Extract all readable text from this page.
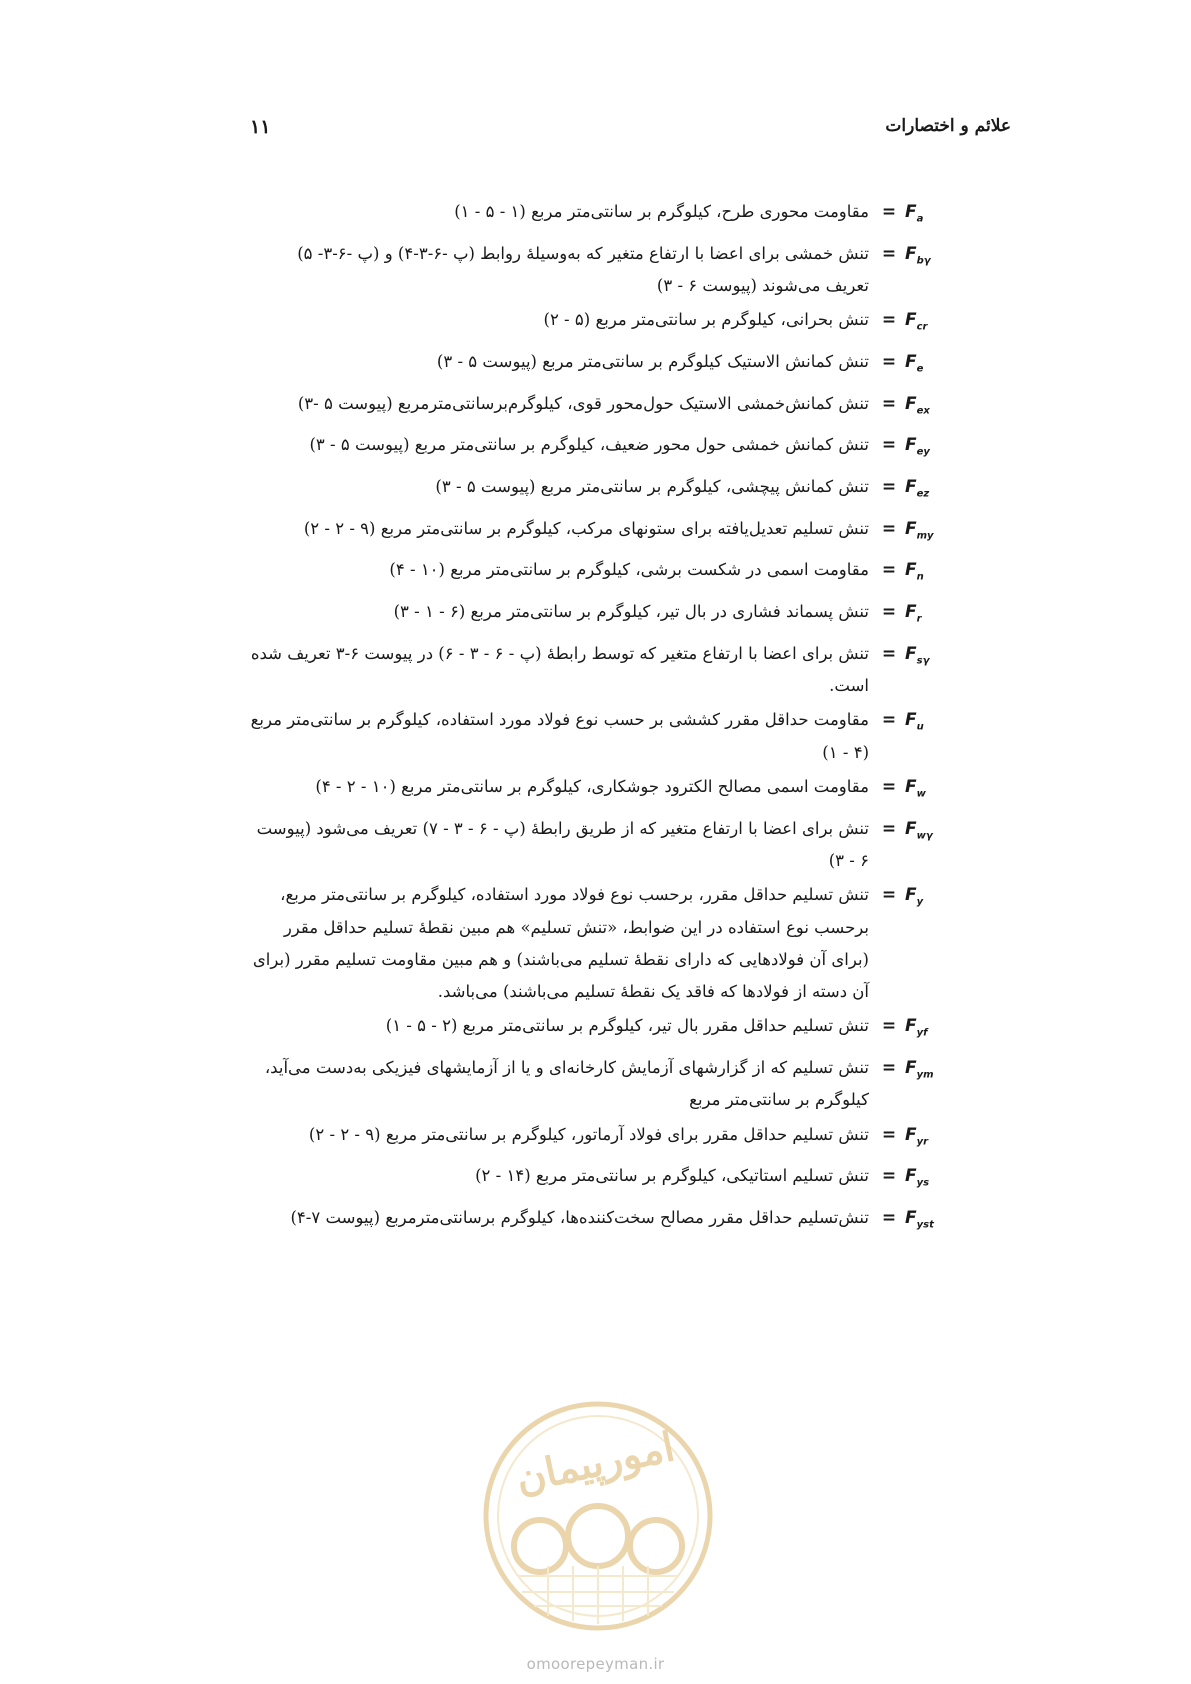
۱۱	علائم و اختصارات
مقاومت محوری طرح، کیلوگرم بر سانتی‌متر مربع (۱ - ۵ - ۱) = $F_a$
تنش خمشی برای اعضا با ارتفاع متغیر که به‌وسیلهٔ روابط (پ -۶-۳-۴) و (پ -۶-۳- ۵) تعریف می‌شوند (پیوست ۶ - ۳)
= $F_{b\gamma}$
تنش بحرانی، کیلوگرم بر سانتی‌متر مربع (۵ - ۲) = $F_{cr}$
تنش کمانش الاستیک کیلوگرم بر سانتی‌متر مربع (پیوست ۵ - ۳) = $F_e$
تنش کمانش‌خمشی الاستیک حول‌محور قوی، کیلوگرم‌برسانتی‌مترمربع (پیوست ۵ -۳) = $F_{ex}$
تنش کمانش خمشی حول محور ضعیف، کیلوگرم بر سانتی‌متر مربع (پیوست ۵ - ۳) = $F_{ey}$
تنش کمانش پیچشی، کیلوگرم بر سانتی‌متر مربع (پیوست ۵ - ۳) = $F_{ez}$
تنش تسلیم تعدیل‌یافته برای ستونهای مرکب، کیلوگرم بر سانتی‌متر مربع (۹ - ۲ - ۲) = $F_{my}$
مقاومت اسمی در شکست برشی، کیلوگرم بر سانتی‌متر مربع (۱۰ - ۴) = $F_n$
تنش پسماند فشاری در بال تیر، کیلوگرم بر سانتی‌متر مربع (۶ - ۱ - ۳) = $F_r$
تنش برای اعضا با ارتفاع متغیر که توسط رابطهٔ (پ - ۶ - ۳ - ۶) در پیوست ۶-۳ تعریف شده است.
= $F_{s\gamma}$
مقاومت حداقل مقرر کششی بر حسب نوع فولاد مورد استفاده، کیلوگرم بر سانتی‌متر مربع (۴ - ۱)
= $F_u$
مقاومت اسمی مصالح الکترود جوشکاری، کیلوگرم بر سانتی‌متر مربع (۱۰ - ۲ - ۴) = $F_w$
تنش برای اعضا با ارتفاع متغیر که از طریق رابطهٔ (پ - ۶ - ۳ - ۷) تعریف می‌شود (پیوست ۶ - ۳)
= $F_{w\gamma}$
تنش تسلیم حداقل مقرر، برحسب نوع فولاد مورد استفاده، کیلوگرم بر سانتی‌متر مربع، برحسب نوع استفاده در این ضوابط، «تنش تسلیم» هم مبین نقطهٔ تسلیم حداقل مقرر (برای آن فولادهایی که دارای نقطهٔ تسلیم می‌باشند) و هم مبین مقاومت تسلیم مقرر (برای آن دسته از فولادها که فاقد یک نقطهٔ تسلیم می‌باشند) می‌باشد.
= $F_y$
تنش تسلیم حداقل مقرر بال تیر، کیلوگرم بر سانتی‌متر مربع (۲ - ۵ - ۱) = $F_{yf}$
تنش تسلیم که از گزارشهای آزمایش کارخانه‌ای و یا از آزمایشهای فیزیکی به‌دست می‌آید، کیلوگرم بر سانتی‌متر مربع
= $F_{ym}$
تنش تسلیم حداقل مقرر برای فولاد آرماتور، کیلوگرم بر سانتی‌متر مربع (۹ - ۲ - ۲) = $F_{yr}$
تنش تسلیم استاتیکی، کیلوگرم بر سانتی‌متر مربع (۱۴ - ۲) = $F_{ys}$
تنش‌تسلیم حداقل مقرر مصالح سخت‌کننده‌ها، کیلوگرم برسانتی‌مترمربع (پیوست ۷-۴) = $F_{yst}$
امورپیمان
omoorepeyman.ir
